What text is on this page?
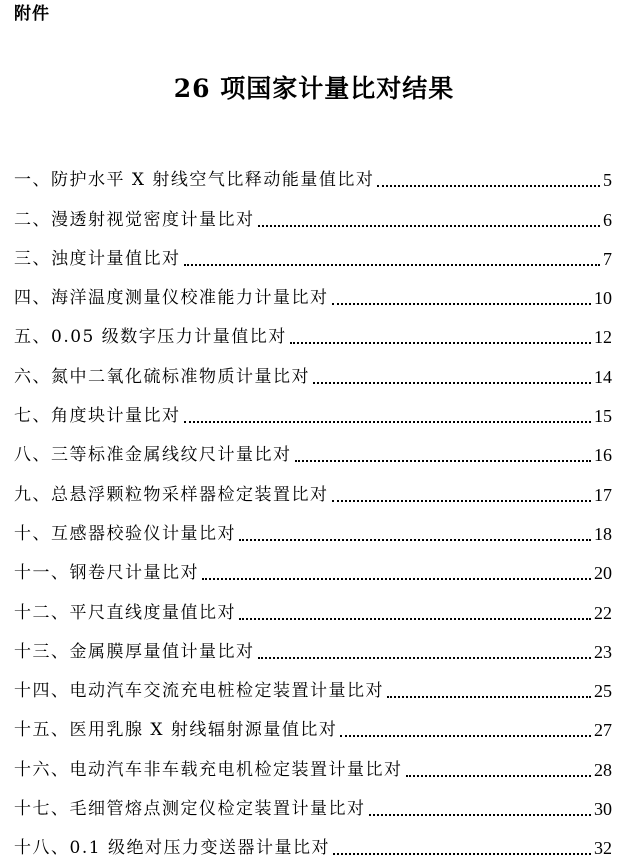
附件
26 项国家计量比对结果
一、防护水平 X 射线空气比释动能量值比对	5
二、漫透射视觉密度计量比对	6
三、浊度计量值比对	7
四、海洋温度测量仪校准能力计量比对	10
五、0.05 级数字压力计量值比对	12
六、氮中二氧化硫标准物质计量比对	14
七、角度块计量比对	15
八、三等标准金属线纹尺计量比对	16
九、总悬浮颗粒物采样器检定装置比对	17
十、互感器校验仪计量比对	18
十一、钢卷尺计量比对	20
十二、平尺直线度量值比对	22
十三、金属膜厚量值计量比对	23
十四、电动汽车交流充电桩检定装置计量比对	25
十五、医用乳腺 X 射线辐射源量值比对	27
十六、电动汽车非车载充电机检定装置计量比对	28
十七、毛细管熔点测定仪检定装置计量比对	30
十八、0.1 级绝对压力变送器计量比对	32
